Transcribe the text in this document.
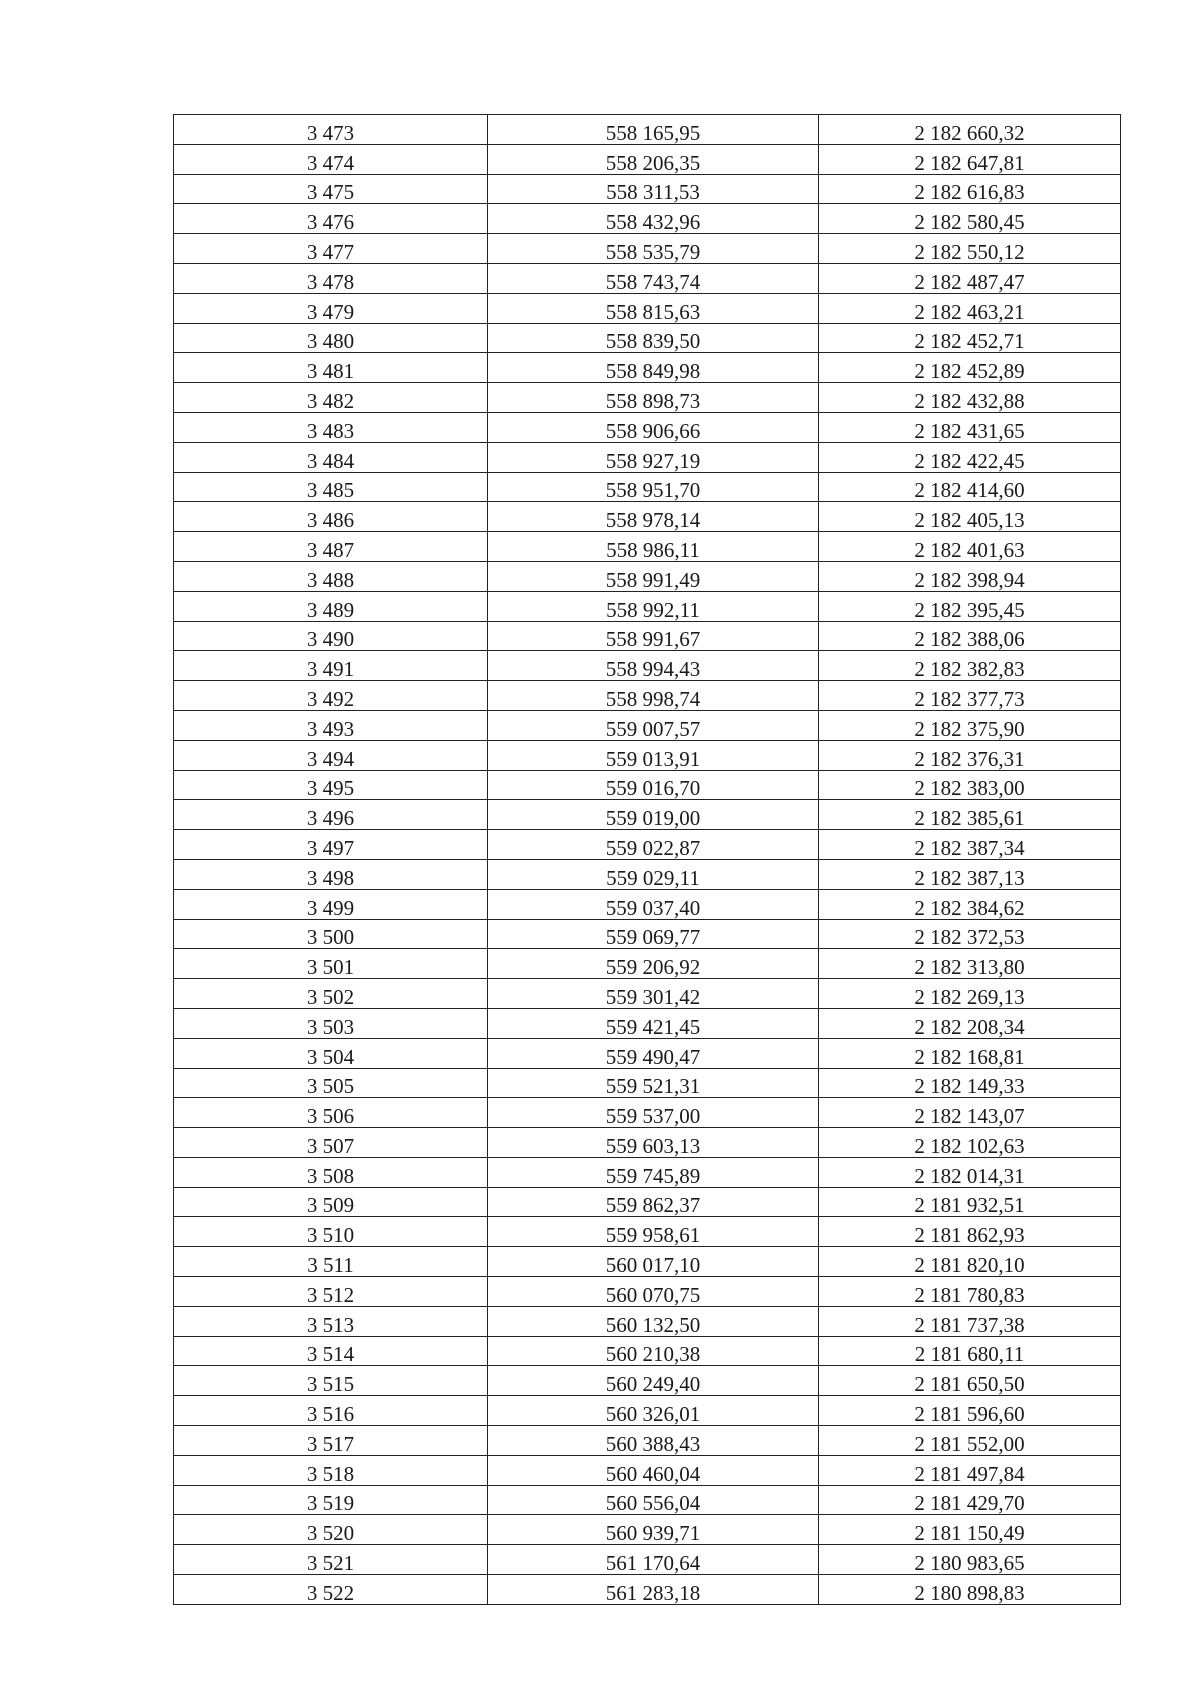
3 473	558 165,95	2 182 660,32
3 474	558 206,35	2 182 647,81
3 475	558 311,53	2 182 616,83
3 476	558 432,96	2 182 580,45
3 477	558 535,79	2 182 550,12
3 478	558 743,74	2 182 487,47
3 479	558 815,63	2 182 463,21
3 480	558 839,50	2 182 452,71
3 481	558 849,98	2 182 452,89
3 482	558 898,73	2 182 432,88
3 483	558 906,66	2 182 431,65
3 484	558 927,19	2 182 422,45
3 485	558 951,70	2 182 414,60
3 486	558 978,14	2 182 405,13
3 487	558 986,11	2 182 401,63
3 488	558 991,49	2 182 398,94
3 489	558 992,11	2 182 395,45
3 490	558 991,67	2 182 388,06
3 491	558 994,43	2 182 382,83
3 492	558 998,74	2 182 377,73
3 493	559 007,57	2 182 375,90
3 494	559 013,91	2 182 376,31
3 495	559 016,70	2 182 383,00
3 496	559 019,00	2 182 385,61
3 497	559 022,87	2 182 387,34
3 498	559 029,11	2 182 387,13
3 499	559 037,40	2 182 384,62
3 500	559 069,77	2 182 372,53
3 501	559 206,92	2 182 313,80
3 502	559 301,42	2 182 269,13
3 503	559 421,45	2 182 208,34
3 504	559 490,47	2 182 168,81
3 505	559 521,31	2 182 149,33
3 506	559 537,00	2 182 143,07
3 507	559 603,13	2 182 102,63
3 508	559 745,89	2 182 014,31
3 509	559 862,37	2 181 932,51
3 510	559 958,61	2 181 862,93
3 511	560 017,10	2 181 820,10
3 512	560 070,75	2 181 780,83
3 513	560 132,50	2 181 737,38
3 514	560 210,38	2 181 680,11
3 515	560 249,40	2 181 650,50
3 516	560 326,01	2 181 596,60
3 517	560 388,43	2 181 552,00
3 518	560 460,04	2 181 497,84
3 519	560 556,04	2 181 429,70
3 520	560 939,71	2 181 150,49
3 521	561 170,64	2 180 983,65
3 522	561 283,18	2 180 898,83
